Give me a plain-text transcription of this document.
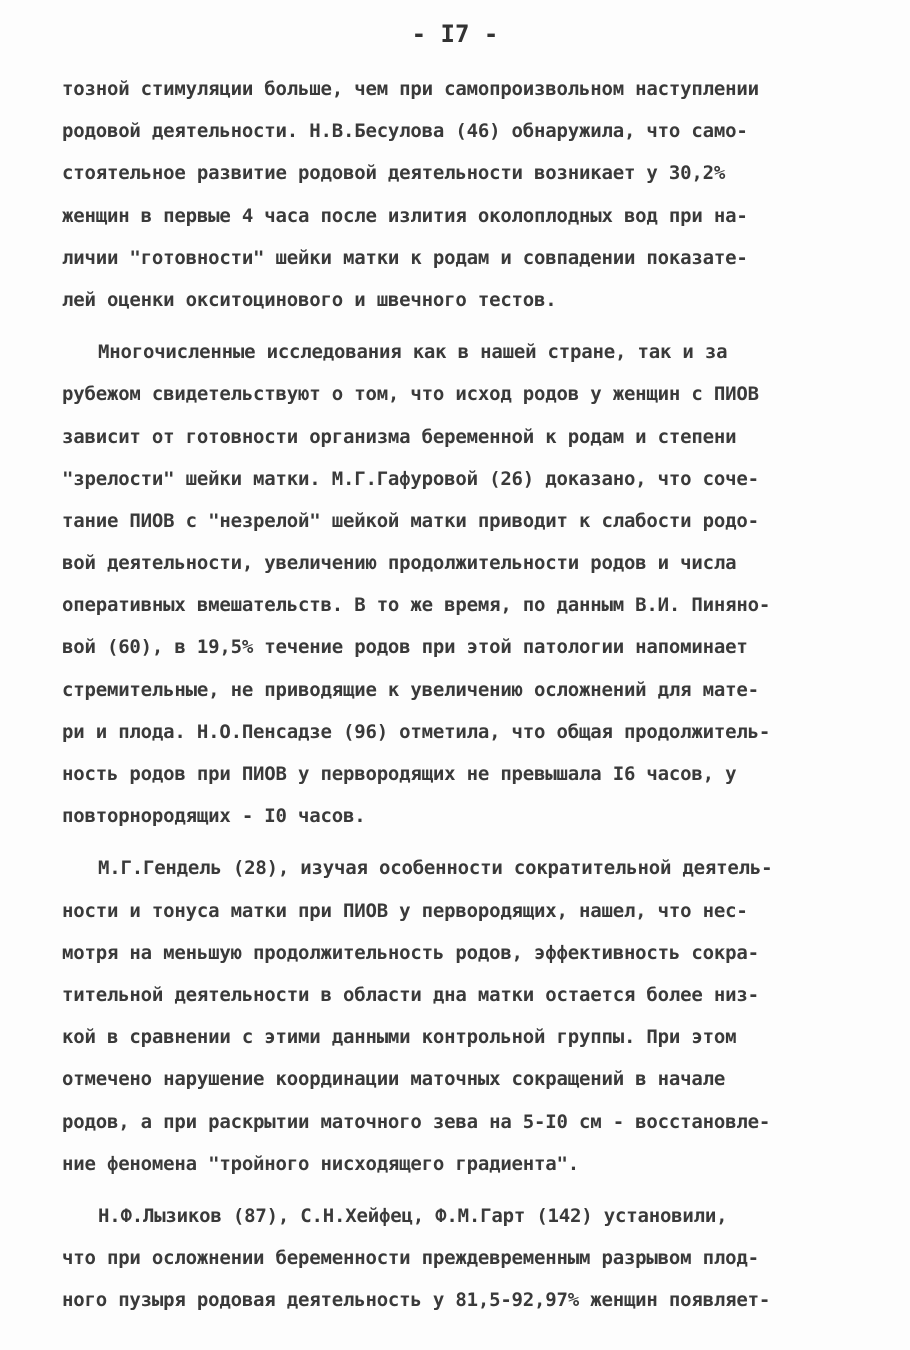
- I7 -
тозной стимуляции больше, чем при самопроизвольном наступлении
родовой деятельности. Н.В.Бесулова (46) обнаружила, что само-
стоятельное развитие родовой деятельности возникает у 30,2%
женщин в первые 4 часа после излития околоплодных вод при на-
личии "готовности" шейки матки к родам и совпадении показате-
лей оценки окситоцинового и швечного тестов.
Многочисленные исследования как в нашей стране, так и за
рубежом свидетельствуют о том, что исход родов у женщин с ПИОВ
зависит от готовности организма беременной к родам и степени
"зрелости" шейки матки. М.Г.Гафуровой (26) доказано, что соче-
тание ПИОВ с "незрелой" шейкой матки приводит к слабости родо-
вой деятельности, увеличению продолжительности родов и числа
оперативных вмешательств. В то же время, по данным В.И. Пиняно-
вой (60), в 19,5% течение родов при этой патологии напоминает
стремительные, не приводящие к увеличению осложнений для мате-
ри и плода. Н.О.Пенсадзе (96) отметила, что общая продолжитель-
ность родов при ПИОВ у первородящих не превышала I6 часов, у
повторнородящих - I0 часов.
М.Г.Гендель (28), изучая особенности сократительной деятель-
ности и тонуса матки при ПИОВ у первородящих, нашел, что нес-
мотря на меньшую продолжительность родов, эффективность сокра-
тительной деятельности в области дна матки остается более низ-
кой в сравнении с этими данными контрольной группы. При этом
отмечено нарушение координации маточных сокращений в начале
родов, а при раскрытии маточного зева на 5-I0 см - восстановле-
ние феномена "тройного нисходящего градиента".
Н.Ф.Лызиков (87), С.Н.Хейфец, Ф.М.Гарт (142) установили,
что при осложнении беременности преждевременным разрывом плод-
ного пузыря родовая деятельность у 81,5-92,97% женщин появляет-
